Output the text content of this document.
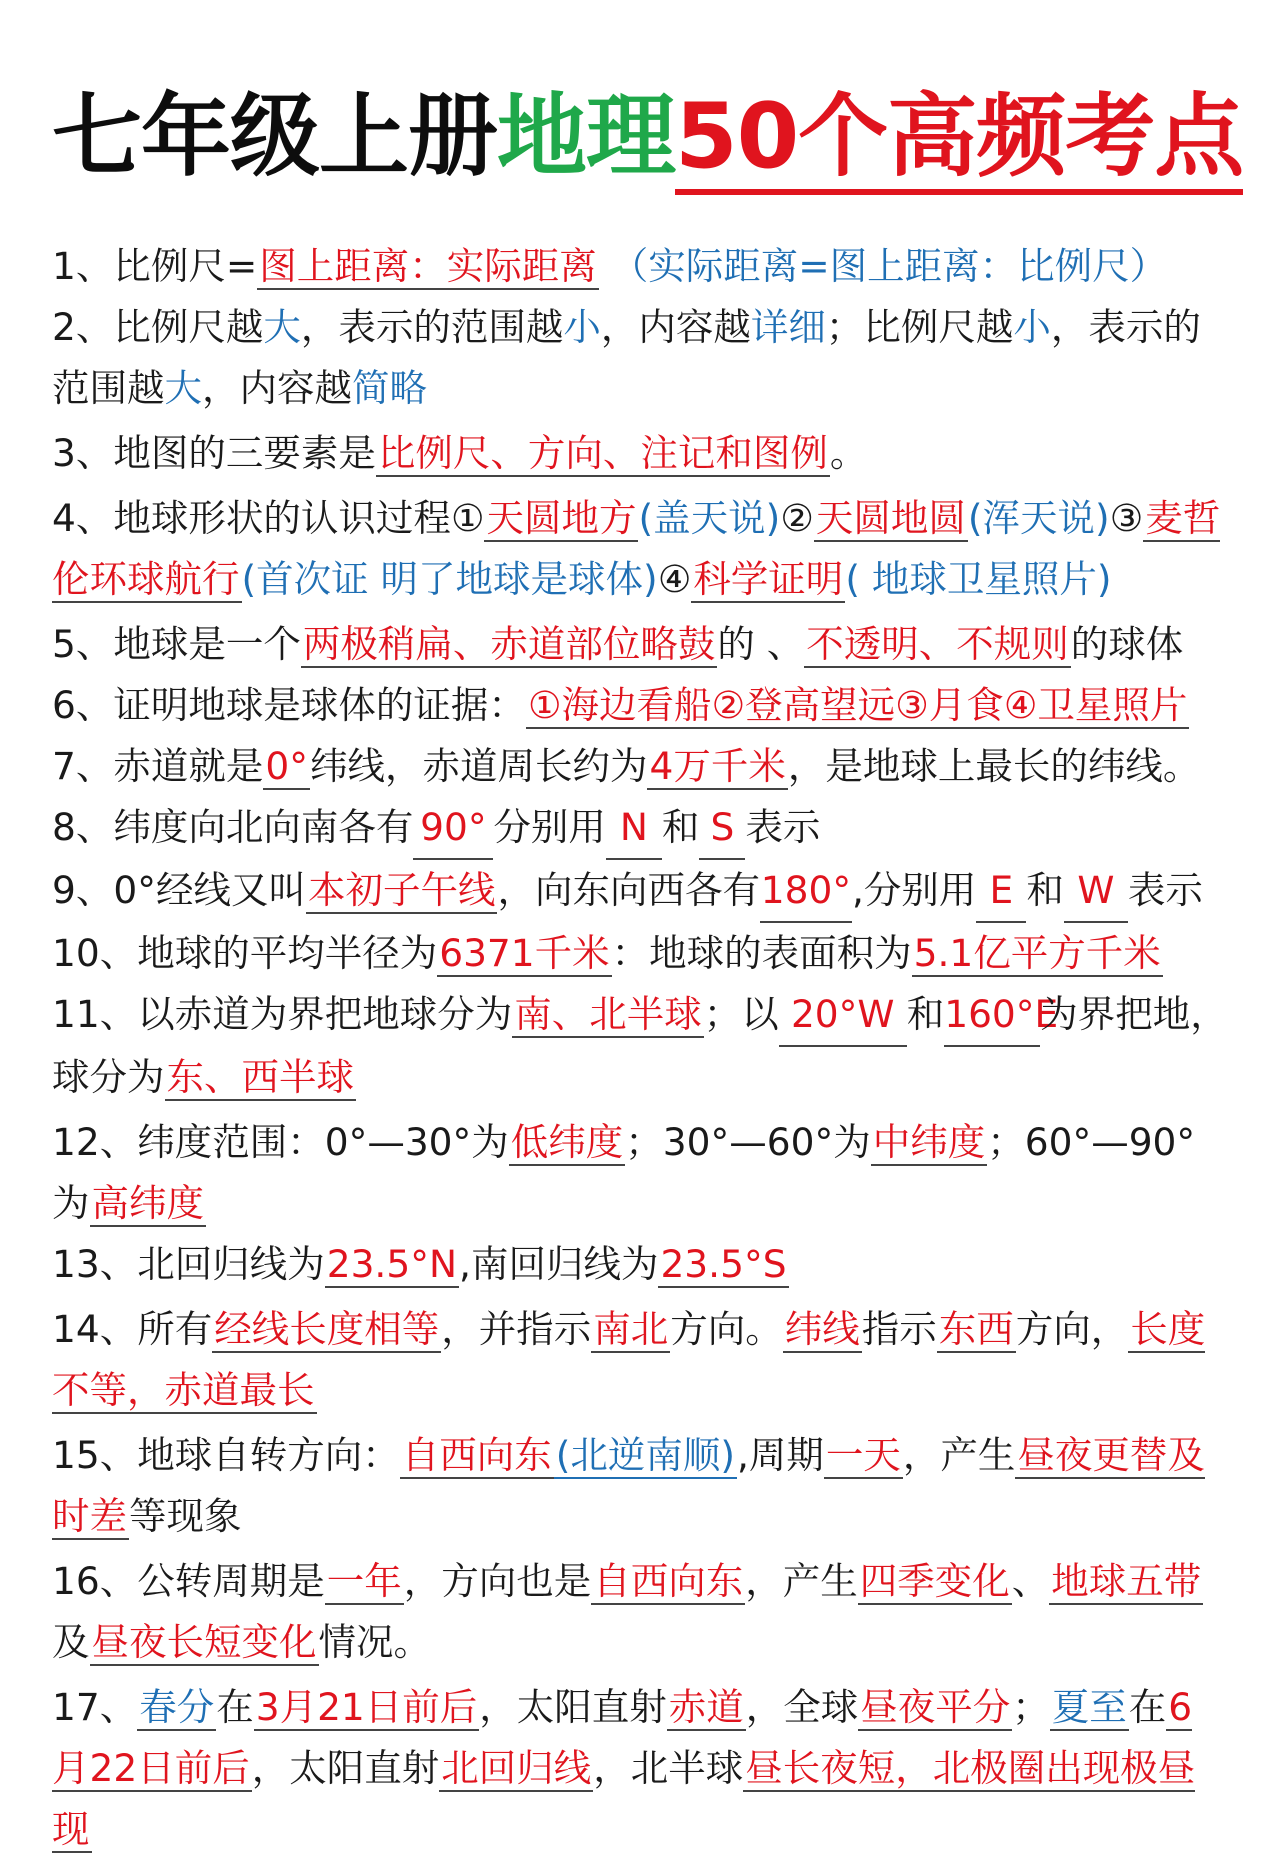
七年级上册地理50个高频考点
1、比例尺=图上距离：实际距离 （实际距离=图上距离：比例尺）
2、比例尺越大，表示的范围越小，内容越详细；比例尺越小，表示的范围越大，内容越简略
3、地图的三要素是比例尺、方向、注记和图例。
4、地球形状的认识过程①天圆地方(盖天说)②天圆地圆(浑天说)③麦哲伦环球航行(首次证 明了地球是球体)④科学证明( 地球卫星照片)
5、地球是一个两极稍扁、赤道部位略鼓的 、不透明、不规则的球体
6、证明地球是球体的证据：①海边看船②登高望远③月食④卫星照片
7、赤道就是0°纬线，赤道周长约为4万千米，是地球上最长的纬线。
8、纬度向北向南各有 90° 分别用 N 和 S 表示
9、0°经线又叫本初子午线，向东向西各有180°,分别用 E 和 W 表示
10、地球的平均半径为6371千米：地球的表面积为5.1亿平方千米
11、以赤道为界把地球分为南、北半球；以 20°W 和160°E为界把地，球分为东、西半球
12、纬度范围：0°—30°为低纬度；30°—60°为中纬度；60°—90°为高纬度
13、北回归线为23.5°N,南回归线为23.5°S
14、所有经线长度相等，并指示南北方向。纬线指示东西方向，长度不等，赤道最长
15、地球自转方向：自西向东 (北逆南顺),周期一天，产生昼夜更替及时差等现象
16、公转周期是一年，方向也是自西向东，产生四季变化、地球五带及昼夜长短变化情况。
17、春分在3月21日前后，太阳直射赤道，全球昼夜平分；夏至在6月22日前后，太阳直射北回归线，北半球昼长夜短，北极圈出现极昼现
